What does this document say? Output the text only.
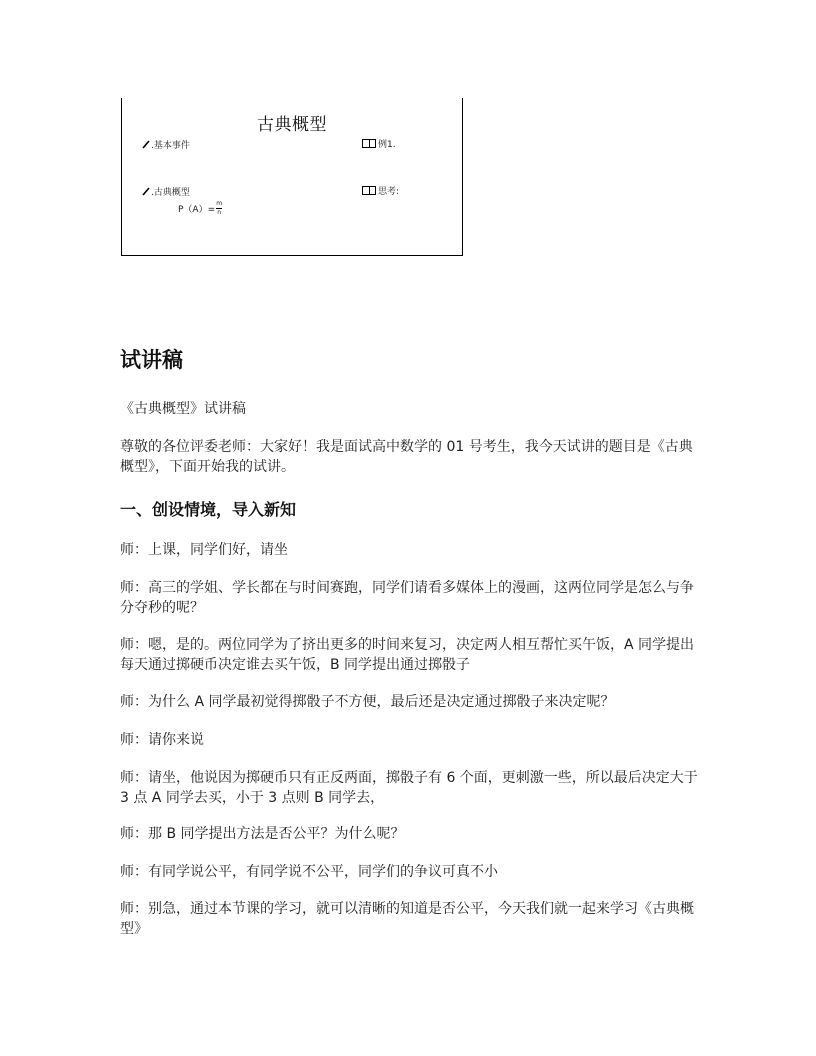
古典概型
.基本事件
.古典概型
$P(A)= \frac{m}{n}$
例1.
思考:
试讲稿
《古典概型》试讲稿
尊敬的各位评委老师：大家好！我是面试高中数学的 01 号考生，我今天试讲的题目是《古典概型》，下面开始我的试讲。
一、创设情境，导入新知
师：上课，同学们好，请坐
师：高三的学姐、学长都在与时间赛跑，同学们请看多媒体上的漫画，这两位同学是怎么与争分夺秒的呢？
师：嗯，是的。两位同学为了挤出更多的时间来复习，决定两人相互帮忙买午饭，A 同学提出每天通过掷硬币决定谁去买午饭，B 同学提出通过掷骰子
师：为什么 A 同学最初觉得掷骰子不方便，最后还是决定通过掷骰子来决定呢？
师：请你来说
师：请坐，他说因为掷硬币只有正反两面，掷骰子有 6 个面，更刺激一些，所以最后决定大于 3 点 A 同学去买，小于 3 点则 B 同学去，
师：那 B 同学提出方法是否公平？为什么呢？
师：有同学说公平，有同学说不公平，同学们的争议可真不小
师：别急，通过本节课的学习，就可以清晰的知道是否公平，今天我们就一起来学习《古典概型》
